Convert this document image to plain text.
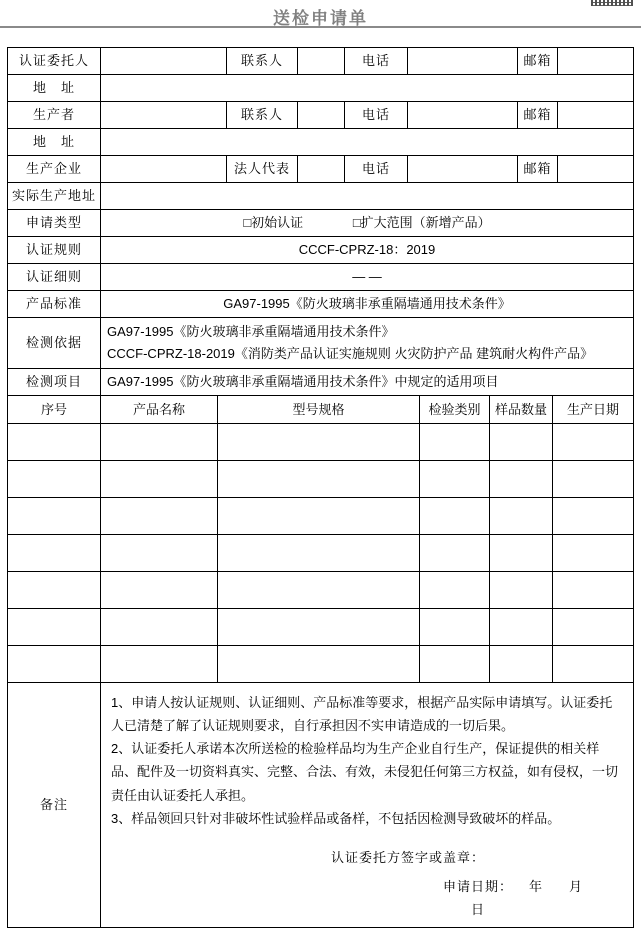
送检申请单
认证委托人		联系人		电话		邮箱	
地　址							
生产者		联系人		电话		邮箱	
地　址							
生产企业		法人代表		电话		邮箱	
实际生产地址							
申请类型	□初始认证 □扩大范围（新增产品）						
认证规则	CCCF-CPRZ-18：2019						
认证细则	— —						
产品标准	GA97-1995《防火玻璃非承重隔墙通用技术条件》						
检测依据	GA97-1995《防火玻璃非承重隔墙通用技术条件》
CCCF-CPRZ-18-2019《消防类产品认证实施规则 火灾防护产品 建筑耐火构件产品》						

检测项目	GA97-1995《防火玻璃非承重隔墙通用技术条件》中规定的适用项目						
序号	产品名称	型号规格	检验类别	样品数量	生产日期

备注	
1、申请人按认证规则、认证细则、产品标准等要求，根据产品实际申请填写。认证委托人已清楚了解了认证规则要求，自行承担因不实申请造成的一切后果。
2、认证委托人承诺本次所送检的检验样品均为生产企业自行生产，保证提供的相关样品、配件及一切资料真实、完整、合法、有效，未侵犯任何第三方权益，如有侵权，一切责任由认证委托人承担。
3、样品领回只针对非破坏性试验样品或备样，不包括因检测导致破坏的样品。
认证委托方签字或盖章：
申请日期： 年 月日
